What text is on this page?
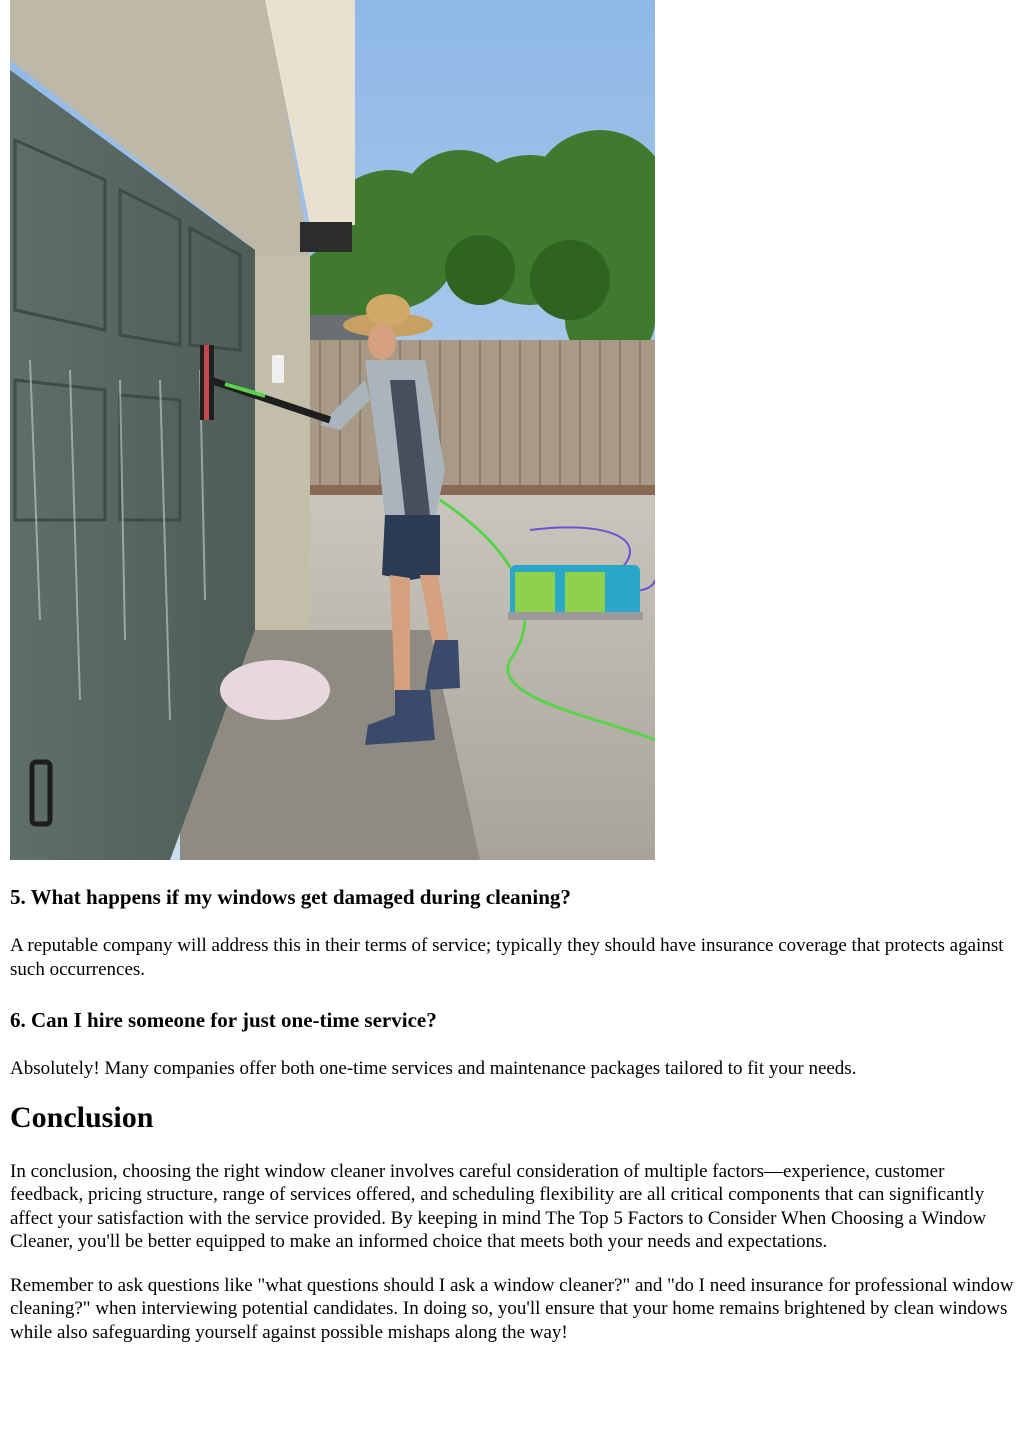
5. What happens if my windows get damaged during cleaning?

A reputable company will address this in their terms of service; typically they should have insurance coverage that protects against such occurrences.

6. Can I hire someone for just one-time service?

Absolutely! Many companies offer both one-time services and maintenance packages tailored to fit your needs.

Conclusion

In conclusion, choosing the right window cleaner involves careful consideration of multiple factors—experience, customer feedback, pricing structure, range of services offered, and scheduling flexibility are all critical components that can significantly affect your satisfaction with the service provided. By keeping in mind The Top 5 Factors to Consider When Choosing a Window Cleaner, you'll be better equipped to make an informed choice that meets both your needs and expectations.

Remember to ask questions like "what questions should I ask a window cleaner?" and "do I need insurance for professional window cleaning?" when interviewing potential candidates. In doing so, you'll ensure that your home remains brightened by clean windows while also safeguarding yourself against possible mishaps along the way!
